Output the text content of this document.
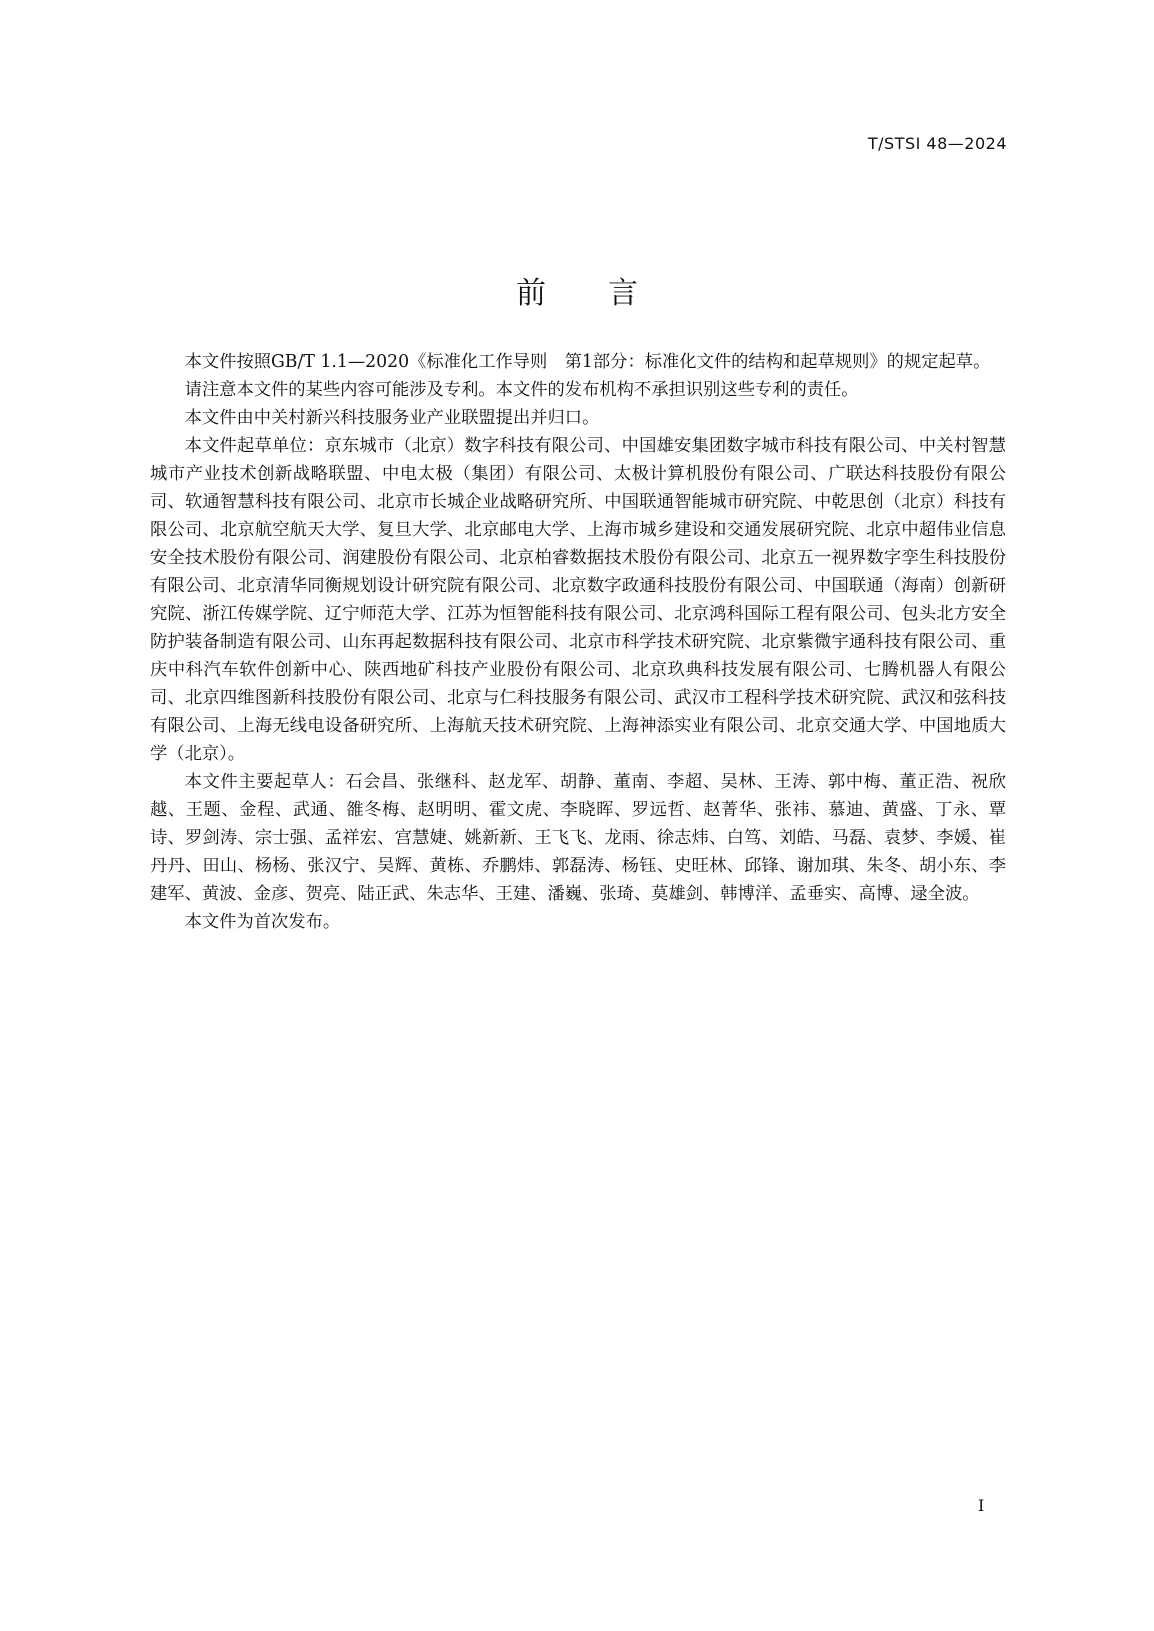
T/STSI 48—2024
前言

本文件按照GB/T 1.1—2020《标准化工作导则　第1部分：标准化文件的结构和起草规则》的规定起草。

请注意本文件的某些内容可能涉及专利。本文件的发布机构不承担识别这些专利的责任。

本文件由中关村新兴科技服务业产业联盟提出并归口。

本文件起草单位：京东城市（北京）数字科技有限公司、中国雄安集团数字城市科技有限公司、中关村智慧城市产业技术创新战略联盟、中电太极（集团）有限公司、太极计算机股份有限公司、广联达科技股份有限公司、软通智慧科技有限公司、北京市长城企业战略研究所、中国联通智能城市研究院、中乾思创（北京）科技有限公司、北京航空航天大学、复旦大学、北京邮电大学、上海市城乡建设和交通发展研究院、北京中超伟业信息安全技术股份有限公司、润建股份有限公司、北京柏睿数据技术股份有限公司、北京五一视界数字孪生科技股份有限公司、北京清华同衡规划设计研究院有限公司、北京数字政通科技股份有限公司、中国联通（海南）创新研究院、浙江传媒学院、辽宁师范大学、江苏为恒智能科技有限公司、北京鸿科国际工程有限公司、包头北方安全防护装备制造有限公司、山东再起数据科技有限公司、北京市科学技术研究院、北京紫微宇通科技有限公司、重庆中科汽车软件创新中心、陕西地矿科技产业股份有限公司、北京玖典科技发展有限公司、七腾机器人有限公司、北京四维图新科技股份有限公司、北京与仁科技服务有限公司、武汉市工程科学技术研究院、武汉和弦科技有限公司、上海无线电设备研究所、上海航天技术研究院、上海神添实业有限公司、北京交通大学、中国地质大学（北京）。

本文件主要起草人：石会昌、张继科、赵龙军、胡静、董南、李超、吴林、王涛、郭中梅、董正浩、祝欣越、王题、金程、武通、雒冬梅、赵明明、霍文虎、李晓晖、罗远哲、赵菁华、张祎、慕迪、黄盛、丁永、覃诗、罗剑涛、宗士强、孟祥宏、宫慧婕、姚新新、王飞飞、龙雨、徐志炜、白笃、刘皓、马磊、袁梦、李媛、崔丹丹、田山、杨杨、张汉宁、吴辉、黄栋、乔鹏炜、郭磊涛、杨钰、史旺林、邱锋、谢加琪、朱冬、胡小东、李建军、黄波、金彦、贺亮、陆正武、朱志华、王建、潘巍、张琦、莫雄剑、韩博洋、孟垂实、高博、逯全波。

本文件为首次发布。

I
